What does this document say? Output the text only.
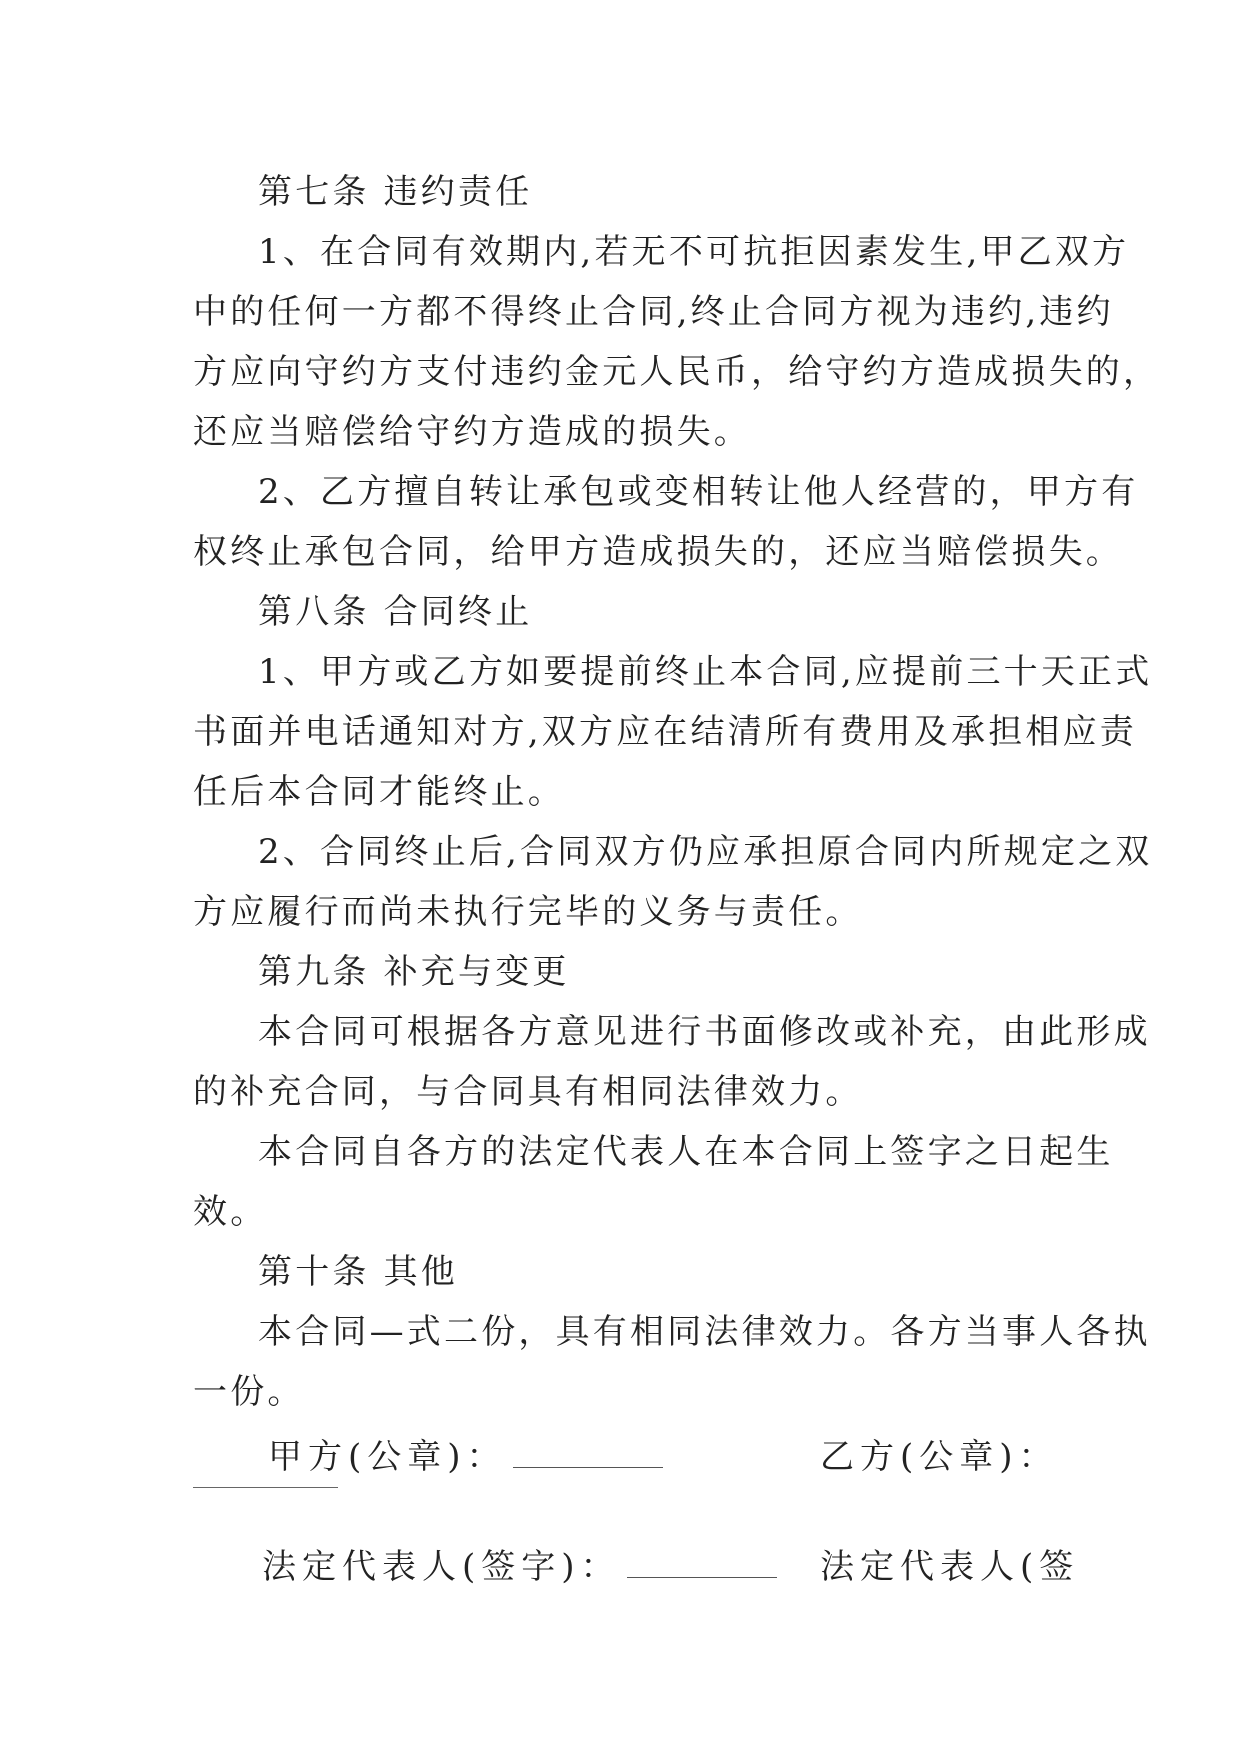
第七条 违约责任
1、在合同有效期内,若无不可抗拒因素发生,甲乙双方
中的任何一方都不得终止合同,终止合同方视为违约,违约
方应向守约方支付违约金元人民币，给守约方造成损失的，
还应当赔偿给守约方造成的损失。
2、乙方擅自转让承包或变相转让他人经营的，甲方有
权终止承包合同，给甲方造成损失的，还应当赔偿损失。
第八条 合同终止
1、甲方或乙方如要提前终止本合同,应提前三十天正式
书面并电话通知对方,双方应在结清所有费用及承担相应责
任后本合同才能终止。
2、合同终止后,合同双方仍应承担原合同内所规定之双
方应履行而尚未执行完毕的义务与责任。
第九条 补充与变更
本合同可根据各方意见进行书面修改或补充，由此形成
的补充合同，与合同具有相同法律效力。
本合同自各方的法定代表人在本合同上签字之日起生
效。
第十条 其他
本合同—式二份，具有相同法律效力。各方当事人各执
一份。
甲方(公章)：	乙方(公章)：
法定代表人(签字)：	法定代表人(签
